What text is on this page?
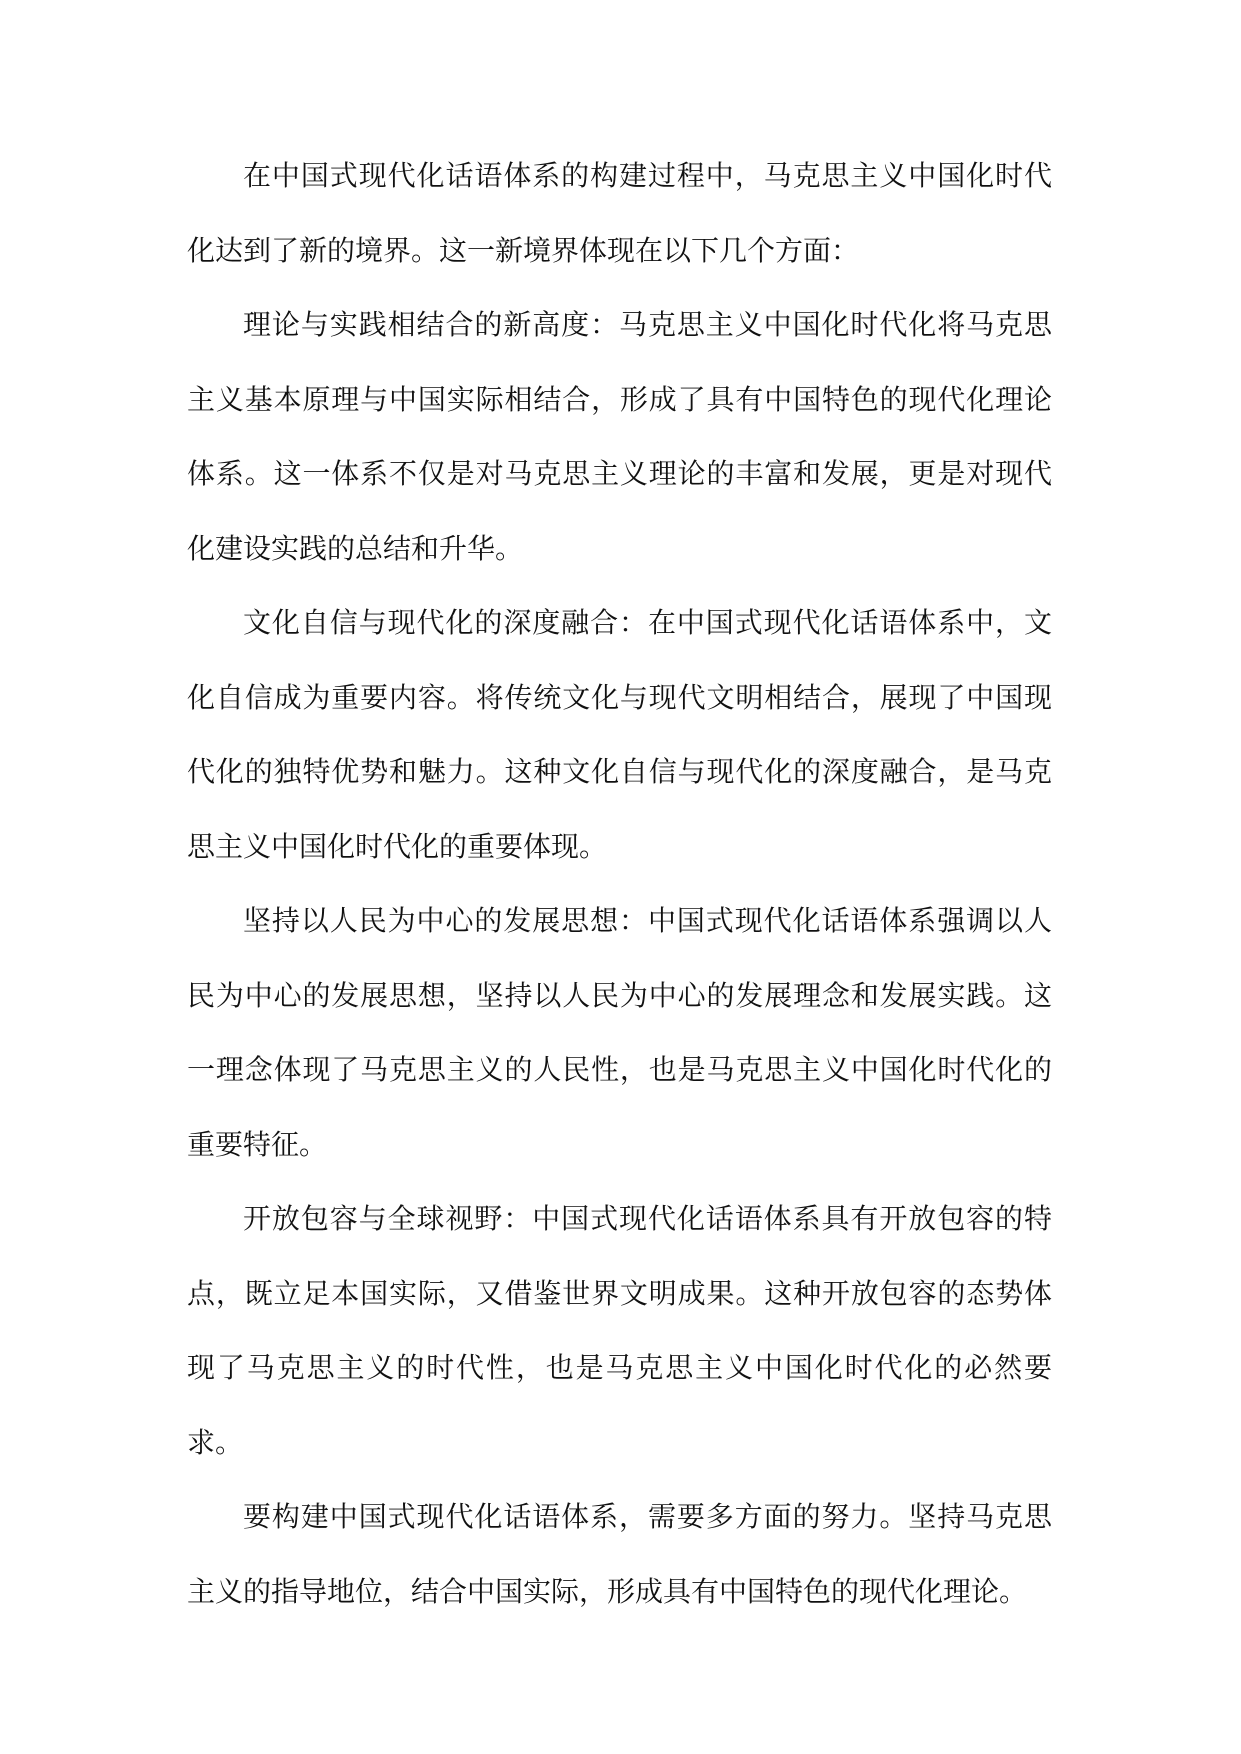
在中国式现代化话语体系的构建过程中，马克思主义中国化时代化达到了新的境界。这一新境界体现在以下几个方面：

理论与实践相结合的新高度：马克思主义中国化时代化将马克思主义基本原理与中国实际相结合，形成了具有中国特色的现代化理论体系。这一体系不仅是对马克思主义理论的丰富和发展，更是对现代化建设实践的总结和升华。

文化自信与现代化的深度融合：在中国式现代化话语体系中，文化自信成为重要内容。将传统文化与现代文明相结合，展现了中国现代化的独特优势和魅力。这种文化自信与现代化的深度融合，是马克思主义中国化时代化的重要体现。

坚持以人民为中心的发展思想：中国式现代化话语体系强调以人民为中心的发展思想，坚持以人民为中心的发展理念和发展实践。这一理念体现了马克思主义的人民性，也是马克思主义中国化时代化的重要特征。

开放包容与全球视野：中国式现代化话语体系具有开放包容的特点，既立足本国实际，又借鉴世界文明成果。这种开放包容的态势体现了马克思主义的时代性，也是马克思主义中国化时代化的必然要求。

要构建中国式现代化话语体系，需要多方面的努力。坚持马克思主义的指导地位，结合中国实际，形成具有中国特色的现代化理论。
